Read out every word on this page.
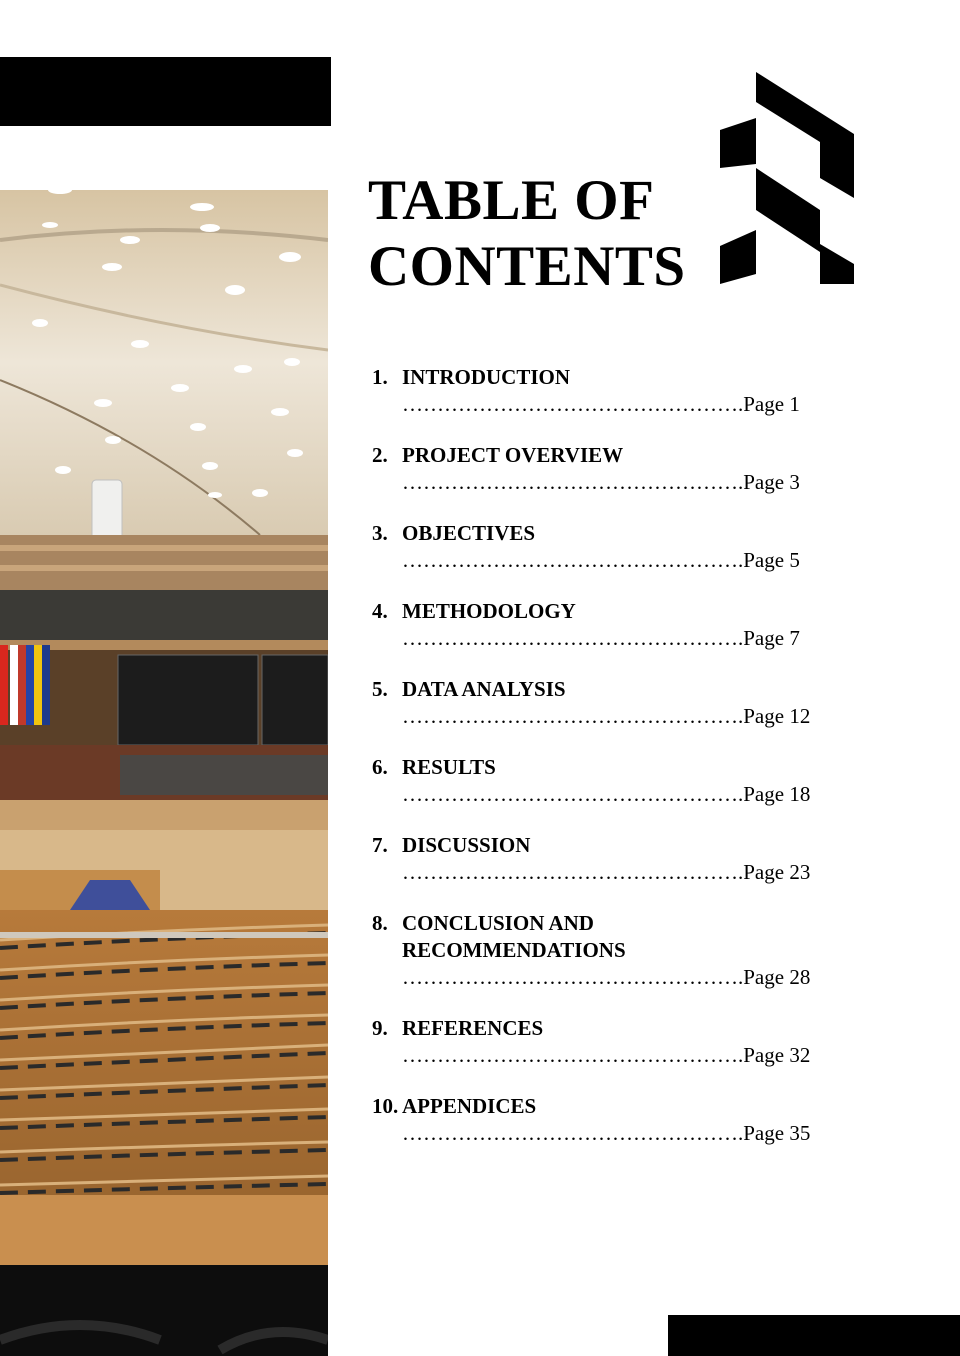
TABLE OF
CONTENTS
1. INTRODUCTION
………………………………………….Page 1
2. PROJECT OVERVIEW
………………………………………….Page 3
3. OBJECTIVES
………………………………………….Page 5
4. METHODOLOGY
………………………………………….Page 7
5. DATA ANALYSIS
………………………………………….Page 12
6. RESULTS
………………………………………….Page 18
7. DISCUSSION
………………………………………….Page 23
8. CONCLUSION AND RECOMMENDATIONS
………………………………………….Page 28
9. REFERENCES
………………………………………….Page 32
10. APPENDICES
………………………………………….Page 35
